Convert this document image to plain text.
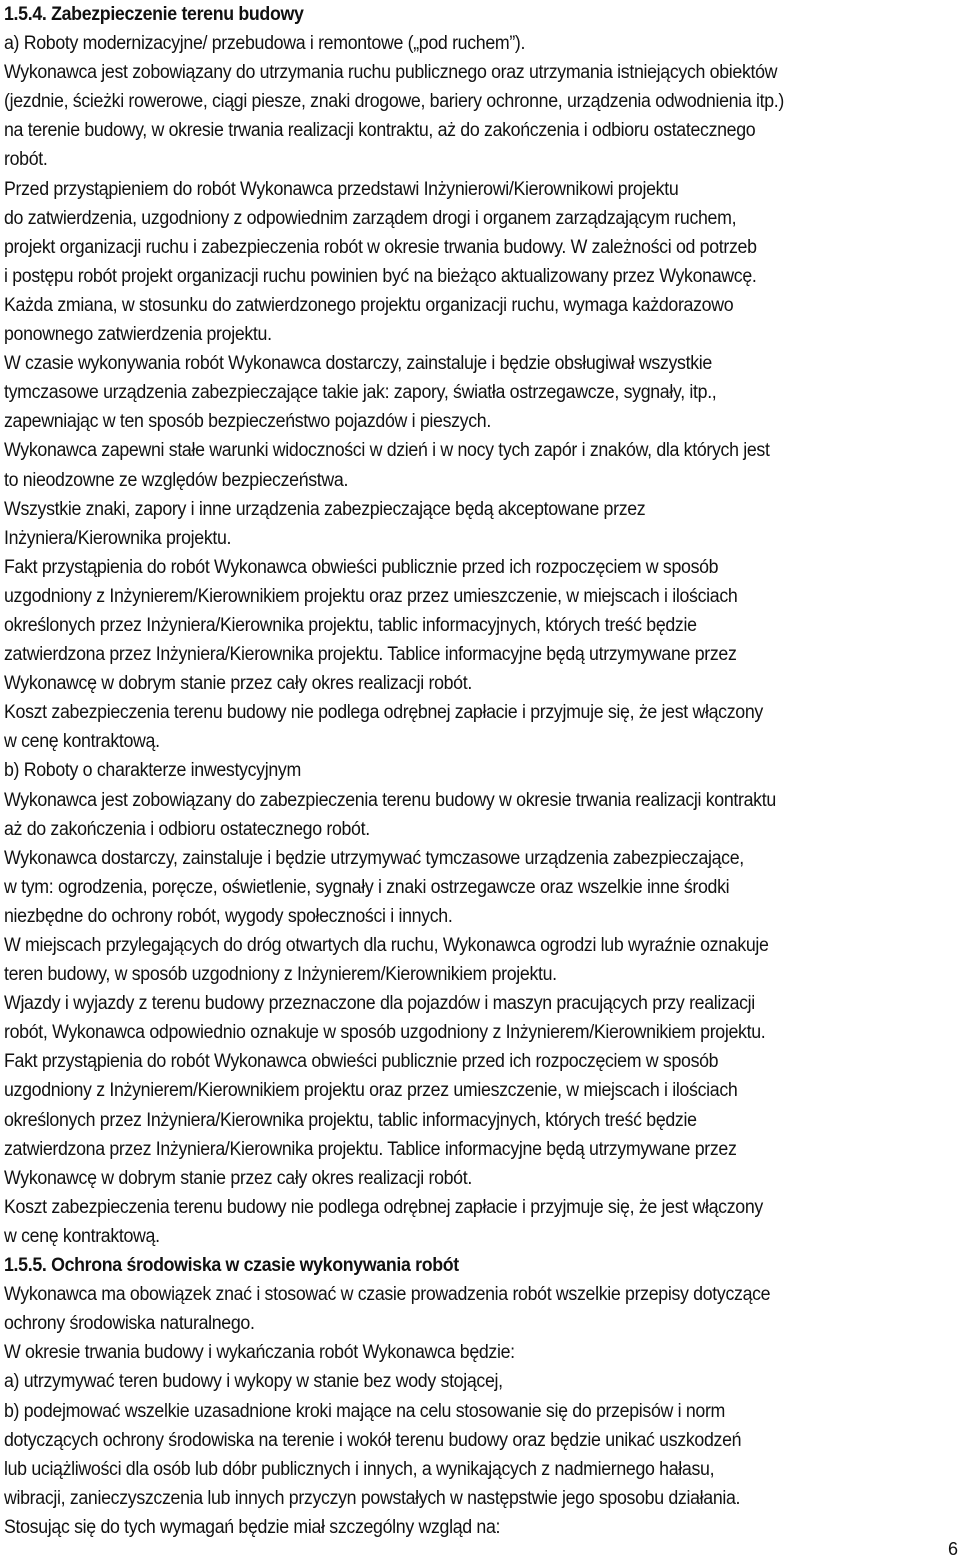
1.5.4. Zabezpieczenie terenu budowy
a) Roboty modernizacyjne/ przebudowa i remontowe („pod ruchem”).
Wykonawca jest zobowiązany do utrzymania ruchu publicznego oraz utrzymania istniejących obiektów
(jezdnie, ścieżki rowerowe, ciągi piesze, znaki drogowe, bariery ochronne, urządzenia odwodnienia itp.)
na terenie budowy, w okresie trwania realizacji kontraktu, aż do zakończenia i odbioru ostatecznego
robót.
Przed przystąpieniem do robót Wykonawca przedstawi Inżynierowi/Kierownikowi projektu
do zatwierdzenia, uzgodniony z odpowiednim zarządem drogi i organem zarządzającym ruchem,
projekt organizacji ruchu i zabezpieczenia robót w okresie trwania budowy. W zależności od potrzeb
i postępu robót projekt organizacji ruchu powinien być na bieżąco aktualizowany przez Wykonawcę.
Każda zmiana, w stosunku do zatwierdzonego projektu organizacji ruchu, wymaga każdorazowo
ponownego zatwierdzenia projektu.
W czasie wykonywania robót Wykonawca dostarczy, zainstaluje i będzie obsługiwał wszystkie
tymczasowe urządzenia zabezpieczające takie jak: zapory, światła ostrzegawcze, sygnały, itp.,
zapewniając w ten sposób bezpieczeństwo pojazdów i pieszych.
Wykonawca zapewni stałe warunki widoczności w dzień i w nocy tych zapór i znaków, dla których jest
to nieodzowne ze względów bezpieczeństwa.
Wszystkie znaki, zapory i inne urządzenia zabezpieczające będą akceptowane przez
Inżyniera/Kierownika projektu.
Fakt przystąpienia do robót Wykonawca obwieści publicznie przed ich rozpoczęciem w sposób
uzgodniony z Inżynierem/Kierownikiem projektu oraz przez umieszczenie, w miejscach i ilościach
określonych przez Inżyniera/Kierownika projektu, tablic informacyjnych, których treść będzie
zatwierdzona przez Inżyniera/Kierownika projektu. Tablice informacyjne będą utrzymywane przez
Wykonawcę w dobrym stanie przez cały okres realizacji robót.
Koszt zabezpieczenia terenu budowy nie podlega odrębnej zapłacie i przyjmuje się, że jest włączony
w cenę kontraktową.
b) Roboty o charakterze inwestycyjnym
Wykonawca jest zobowiązany do zabezpieczenia terenu budowy w okresie trwania realizacji kontraktu
aż do zakończenia i odbioru ostatecznego robót.
Wykonawca dostarczy, zainstaluje i będzie utrzymywać tymczasowe urządzenia zabezpieczające,
w tym: ogrodzenia, poręcze, oświetlenie, sygnały i znaki ostrzegawcze oraz wszelkie inne środki
niezbędne do ochrony robót, wygody społeczności i innych.
W miejscach przylegających do dróg otwartych dla ruchu, Wykonawca ogrodzi lub wyraźnie oznakuje
teren budowy, w sposób uzgodniony z Inżynierem/Kierownikiem projektu.
Wjazdy i wyjazdy z terenu budowy przeznaczone dla pojazdów i maszyn pracujących przy realizacji
robót, Wykonawca odpowiednio oznakuje w sposób uzgodniony z Inżynierem/Kierownikiem projektu.
Fakt przystąpienia do robót Wykonawca obwieści publicznie przed ich rozpoczęciem w sposób
uzgodniony z Inżynierem/Kierownikiem projektu oraz przez umieszczenie, w miejscach i ilościach
określonych przez Inżyniera/Kierownika projektu, tablic informacyjnych, których treść będzie
zatwierdzona przez Inżyniera/Kierownika projektu. Tablice informacyjne będą utrzymywane przez
Wykonawcę w dobrym stanie przez cały okres realizacji robót.
Koszt zabezpieczenia terenu budowy nie podlega odrębnej zapłacie i przyjmuje się, że jest włączony
w cenę kontraktową.
1.5.5. Ochrona środowiska w czasie wykonywania robót
Wykonawca ma obowiązek znać i stosować w czasie prowadzenia robót wszelkie przepisy dotyczące
ochrony środowiska naturalnego.
W okresie trwania budowy i wykańczania robót Wykonawca będzie:
a) utrzymywać teren budowy i wykopy w stanie bez wody stojącej,
b) podejmować wszelkie uzasadnione kroki mające na celu stosowanie się do przepisów i norm
dotyczących ochrony środowiska na terenie i wokół terenu budowy oraz będzie unikać uszkodzeń
lub uciążliwości dla osób lub dóbr publicznych i innych, a wynikających z nadmiernego hałasu,
wibracji, zanieczyszczenia lub innych przyczyn powstałych w następstwie jego sposobu działania.
Stosując się do tych wymagań będzie miał szczególny wzgląd na:
6
